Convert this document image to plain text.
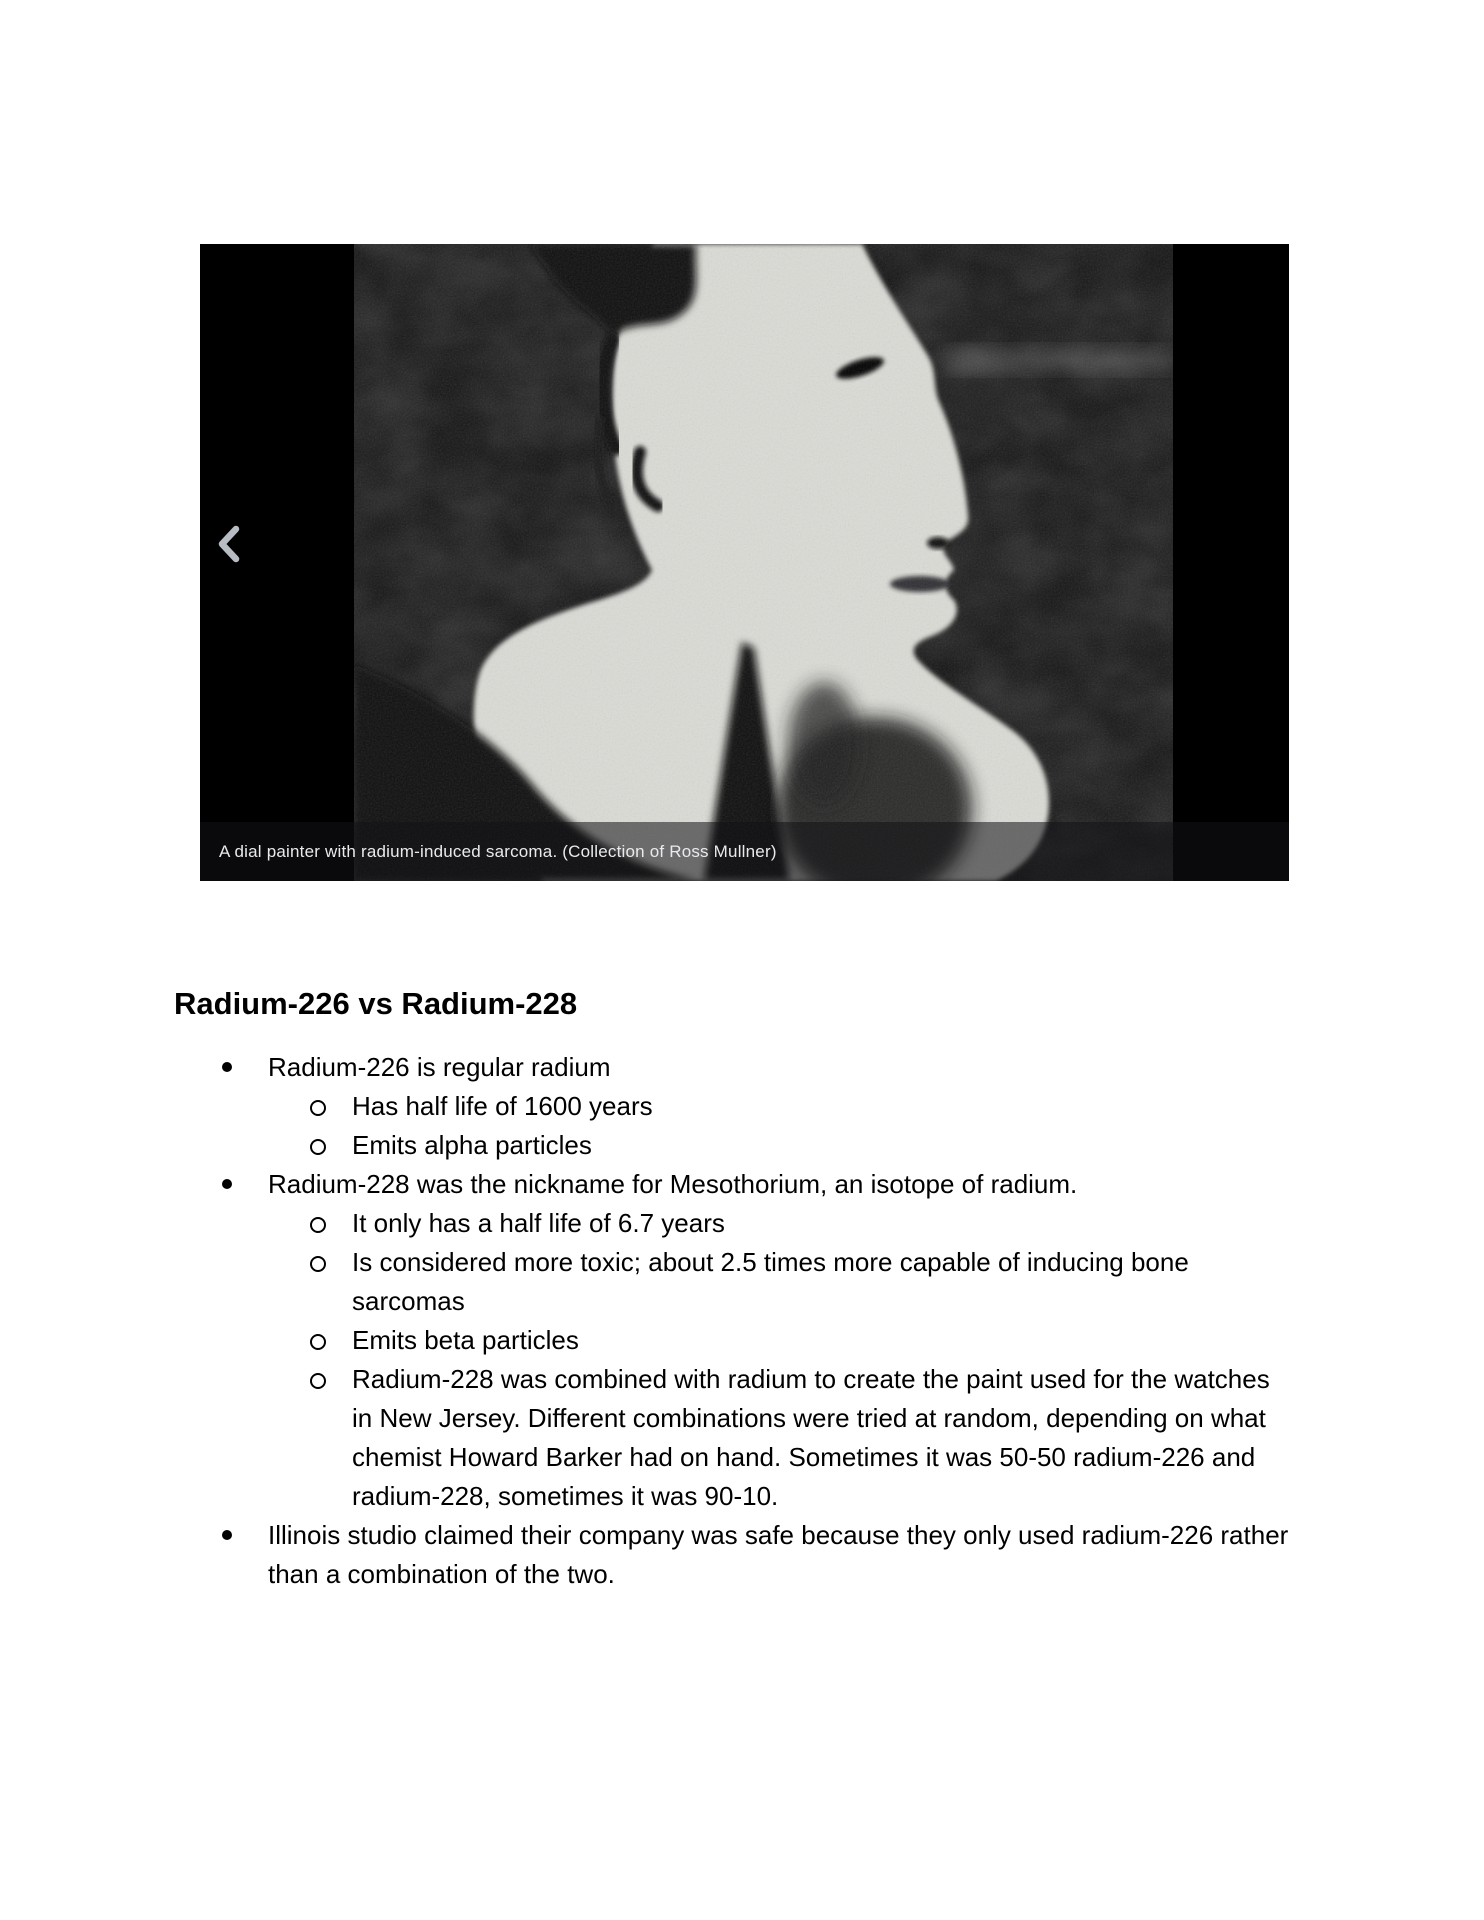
A dial painter with radium-induced sarcoma. (Collection of Ross Mullner)
Radium-226 vs Radium-228
Radium-226 is regular radium
Has half life of 1600 years
Emits alpha particles
Radium-228 was the nickname for Mesothorium, an isotope of radium.
It only has a half life of 6.7 years
Is considered more toxic; about 2.5 times more capable of inducing bone sarcomas
Emits beta particles
Radium-228 was combined with radium to create the paint used for the watches in New Jersey. Different combinations were tried at random, depending on what chemist Howard Barker had on hand. Sometimes it was 50-50 radium-226 and radium-228, sometimes it was 90-10.
Illinois studio claimed their company was safe because they only used radium-226 rather than a combination of the two.
